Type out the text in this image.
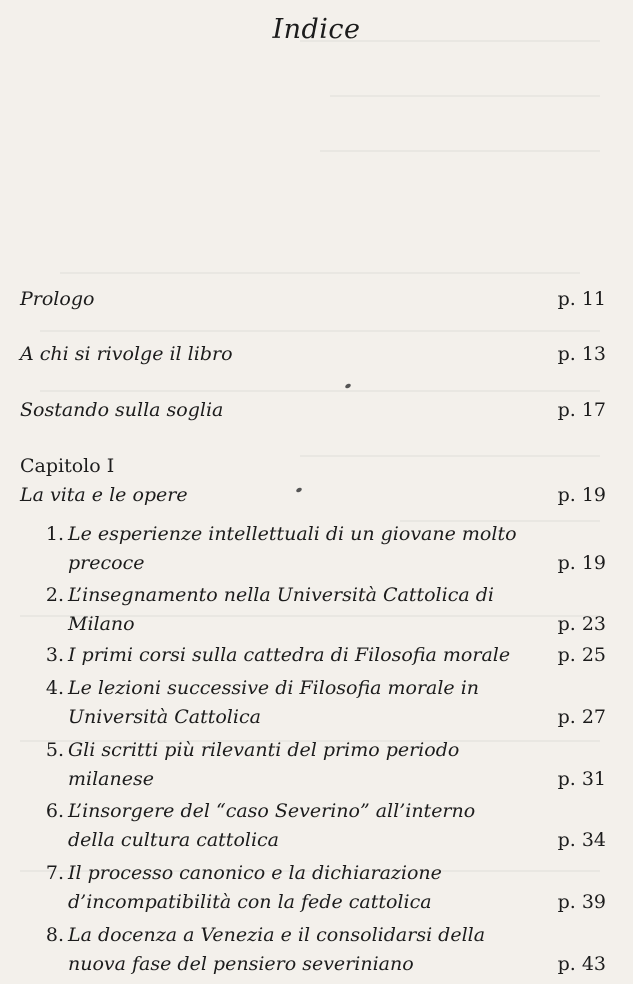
Indice
Prologo	p. 11
A chi si rivolge il libro	p. 13
Sostando sulla soglia	p. 17
Capitolo I
La vita e le opere	p. 19
1. Le esperienze intellettuali di un giovane molto precoce	p. 19
2. L’insegnamento nella Università Cattolica di Milano	p. 23
3. I primi corsi sulla cattedra di Filosofia morale	p. 25
4. Le lezioni successive di Filosofia morale in Università Cattolica	p. 27
5. Gli scritti più rilevanti del primo periodo milanese	p. 31
6. L’insorgere del “caso Severino” all’interno della cultura cattolica	p. 34
7. Il processo canonico e la dichiarazione d’incompatibilità con la fede cattolica	p. 39
8. La docenza a Venezia e il consolidarsi della nuova fase del pensiero severiniano	p. 43
